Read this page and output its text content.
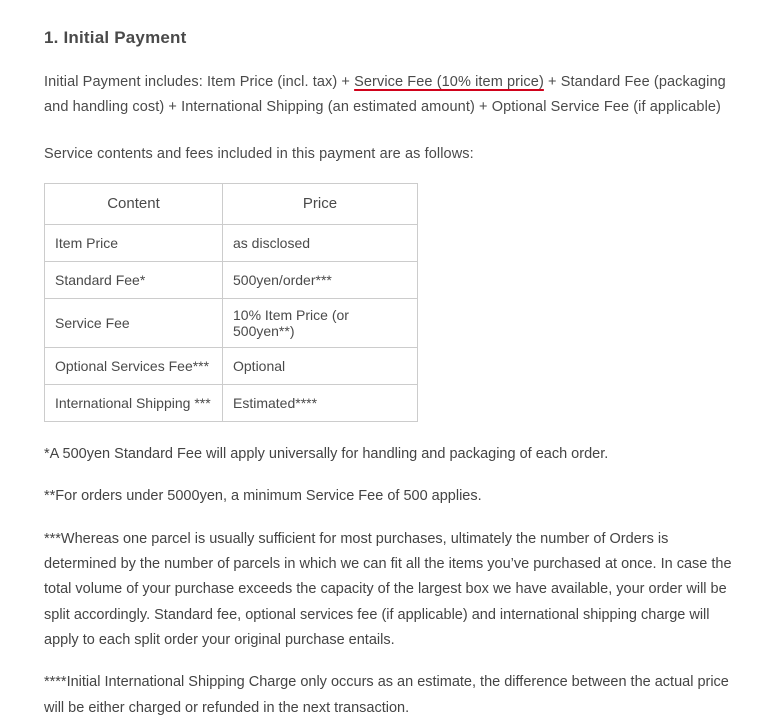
1. Initial Payment

Initial Payment includes: Item Price (incl. tax) + Service Fee (10% item price) + Standard Fee (packaging and handling cost) + International Shipping (an estimated amount) + Optional Service Fee (if applicable)

Service contents and fees included in this payment are as follows:

Content	Price
Item Price	as disclosed
Standard Fee*	500yen/order***
Service Fee	10% Item Price (or 500yen**)
Optional Services Fee***	Optional
International Shipping ***	Estimated****

*A 500yen Standard Fee will apply universally for handling and packaging of each order.

**For orders under 5000yen, a minimum Service Fee of 500 applies.

***Whereas one parcel is usually sufficient for most purchases, ultimately the number of Orders is determined by the number of parcels in which we can fit all the items you’ve purchased at once. In case the total volume of your purchase exceeds the capacity of the largest box we have available, your order will be split accordingly. Standard fee, optional services fee (if applicable) and international shipping charge will apply to each split order your original purchase entails.

****Initial International Shipping Charge only occurs as an estimate, the difference between the actual price will be either charged or refunded in the next transaction.
